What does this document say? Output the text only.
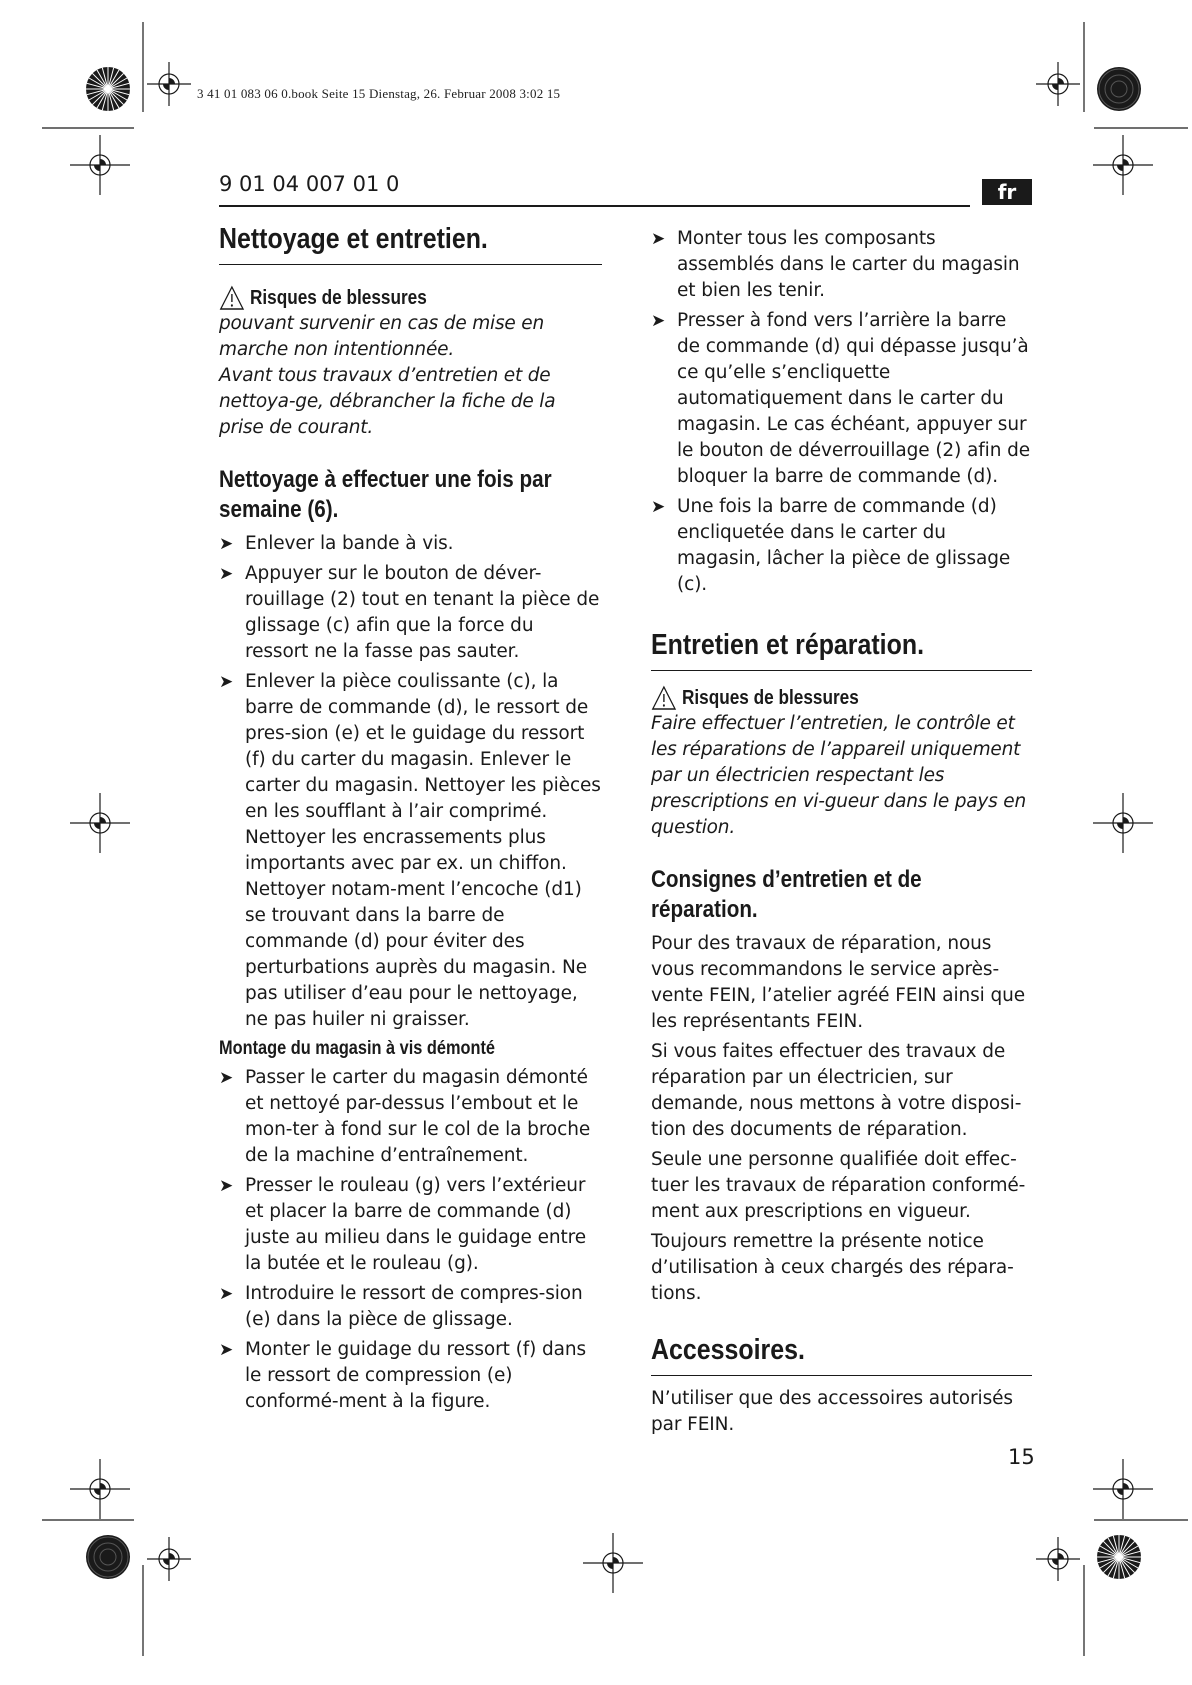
3 41 01 083 06 0.book Seite 15 Dienstag, 26. Februar 2008 3:02 15
9 01 04 007 01 0	fr
Nettoyage et entretien.
Risques de blessures
pouvant survenir en cas de mise en marche non intentionnée.
Avant tous travaux d’entretien et de nettoya-ge, débrancher la fiche de la prise de courant.
Nettoyage à effectuer une fois par semaine (6).
➤ Enlever la bande à vis.
➤ Appuyer sur le bouton de déver-rouillage (2) tout en tenant la pièce de glissage (c) afin que la force du ressort ne la fasse pas sauter.
➤ Enlever la pièce coulissante (c), la barre de commande (d), le ressort de pres-sion (e) et le guidage du ressort (f) du carter du magasin. Enlever le carter du magasin. Nettoyer les pièces en les soufflant à l’air comprimé. Nettoyer les encrassements plus importants avec par ex. un chiffon. Nettoyer notam-ment l’encoche (d1) se trouvant dans la barre de commande (d) pour éviter des perturbations auprès du magasin. Ne pas utiliser d’eau pour le nettoyage, ne pas huiler ni graisser.
Montage du magasin à vis démonté
➤ Passer le carter du magasin démonté et nettoyé par-dessus l’embout et le mon-ter à fond sur le col de la broche de la machine d’entraînement.
➤ Presser le rouleau (g) vers l’extérieur et placer la barre de commande (d) juste au milieu dans le guidage entre la butée et le rouleau (g).
➤ Introduire le ressort de compres-sion (e) dans la pièce de glissage.
➤ Monter le guidage du ressort (f) dans le ressort de compression (e) conformé-ment à la figure.
➤ Monter tous les composants assemblés dans le carter du magasin et bien les tenir.
➤ Presser à fond vers l’arrière la barre de commande (d) qui dépasse jusqu’à ce qu’elle s’encliquette automatiquement dans le carter du magasin. Le cas échéant, appuyer sur le bouton de déverrouillage (2) afin de bloquer la barre de commande (d).
➤ Une fois la barre de commande (d) encliquetée dans le carter du magasin, lâcher la pièce de glissage (c).
Entretien et réparation.
Risques de blessures
Faire effectuer l’entretien, le contrôle et les réparations de l’appareil uniquement par un électricien respectant les prescriptions en vi-gueur dans le pays en question.
Consignes d’entretien et de réparation.

Pour des travaux de réparation, nous vous recommandons le service après-vente FEIN, l’atelier agréé FEIN ainsi que les représentants FEIN.

Si vous faites effectuer des travaux de réparation par un électricien, sur demande, nous mettons à votre disposi-tion des documents de réparation.

Seule une personne qualifiée doit effec-tuer les travaux de réparation conformé-ment aux prescriptions en vigueur.

Toujours remettre la présente notice d’utilisation à ceux chargés des répara-tions.

Accessoires.

N’utiliser que des accessoires autorisés par FEIN.

15
